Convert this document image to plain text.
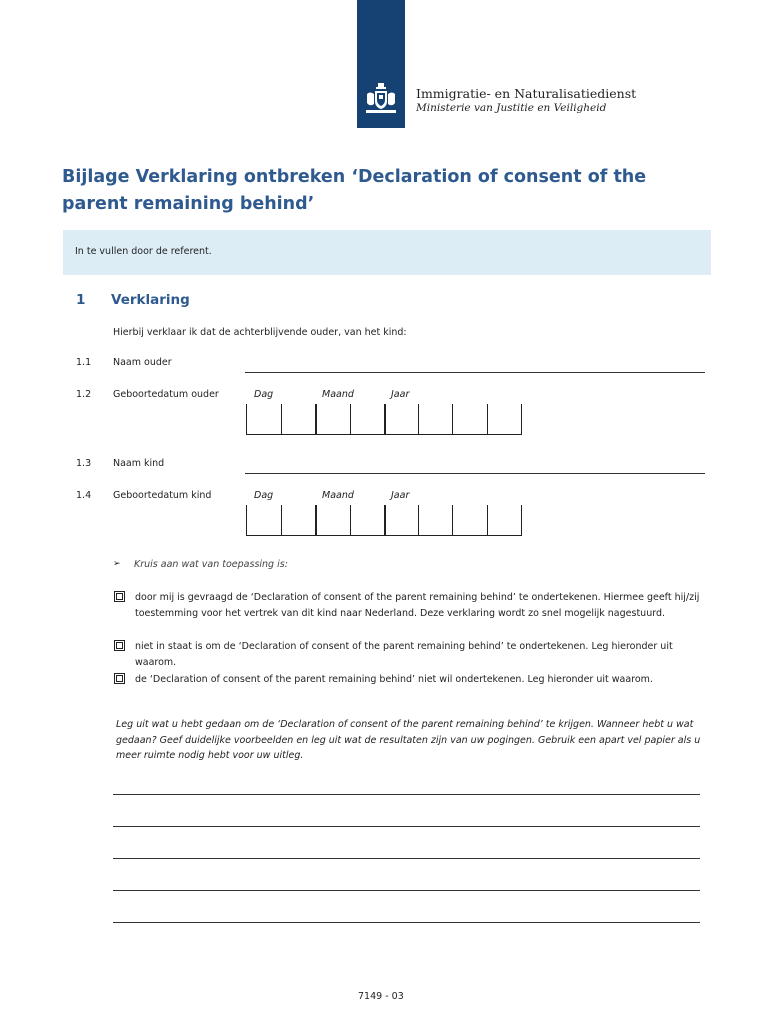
Immigratie- en Naturalisatiedienst
Ministerie van Justitie en Veiligheid
Bijlage Verklaring ontbreken ‘Declaration of consent of the parent remaining behind’
In te vullen door de referent.
1 Verklaring
Hierbij verklaar ik dat de achterblijvende ouder, van het kind:
1.1 Naam ouder
1.2 Geboortedatum ouder	Dag	Maand	Jaar
1.3 Naam kind
1.4 Geboortedatum kind	Dag	Maand	Jaar
➢ Kruis aan wat van toepassing is:
door mij is gevraagd de ‘Declaration of consent of the parent remaining behind’ te ondertekenen. Hiermee geeft hij/zij toestemming voor het vertrek van dit kind naar Nederland. Deze verklaring wordt zo snel mogelijk nagestuurd.
niet in staat is om de ‘Declaration of consent of the parent remaining behind’ te ondertekenen. Leg hieronder uit waarom.
de ‘Declaration of consent of the parent remaining behind’ niet wil ondertekenen. Leg hieronder uit waarom.
Leg uit wat u hebt gedaan om de ‘Declaration of consent of the parent remaining behind’ te krijgen. Wanneer hebt u wat gedaan? Geef duidelijke voorbeelden en leg uit wat de resultaten zijn van uw pogingen. Gebruik een apart vel papier als u meer ruimte nodig hebt voor uw uitleg.
7149 - 03
